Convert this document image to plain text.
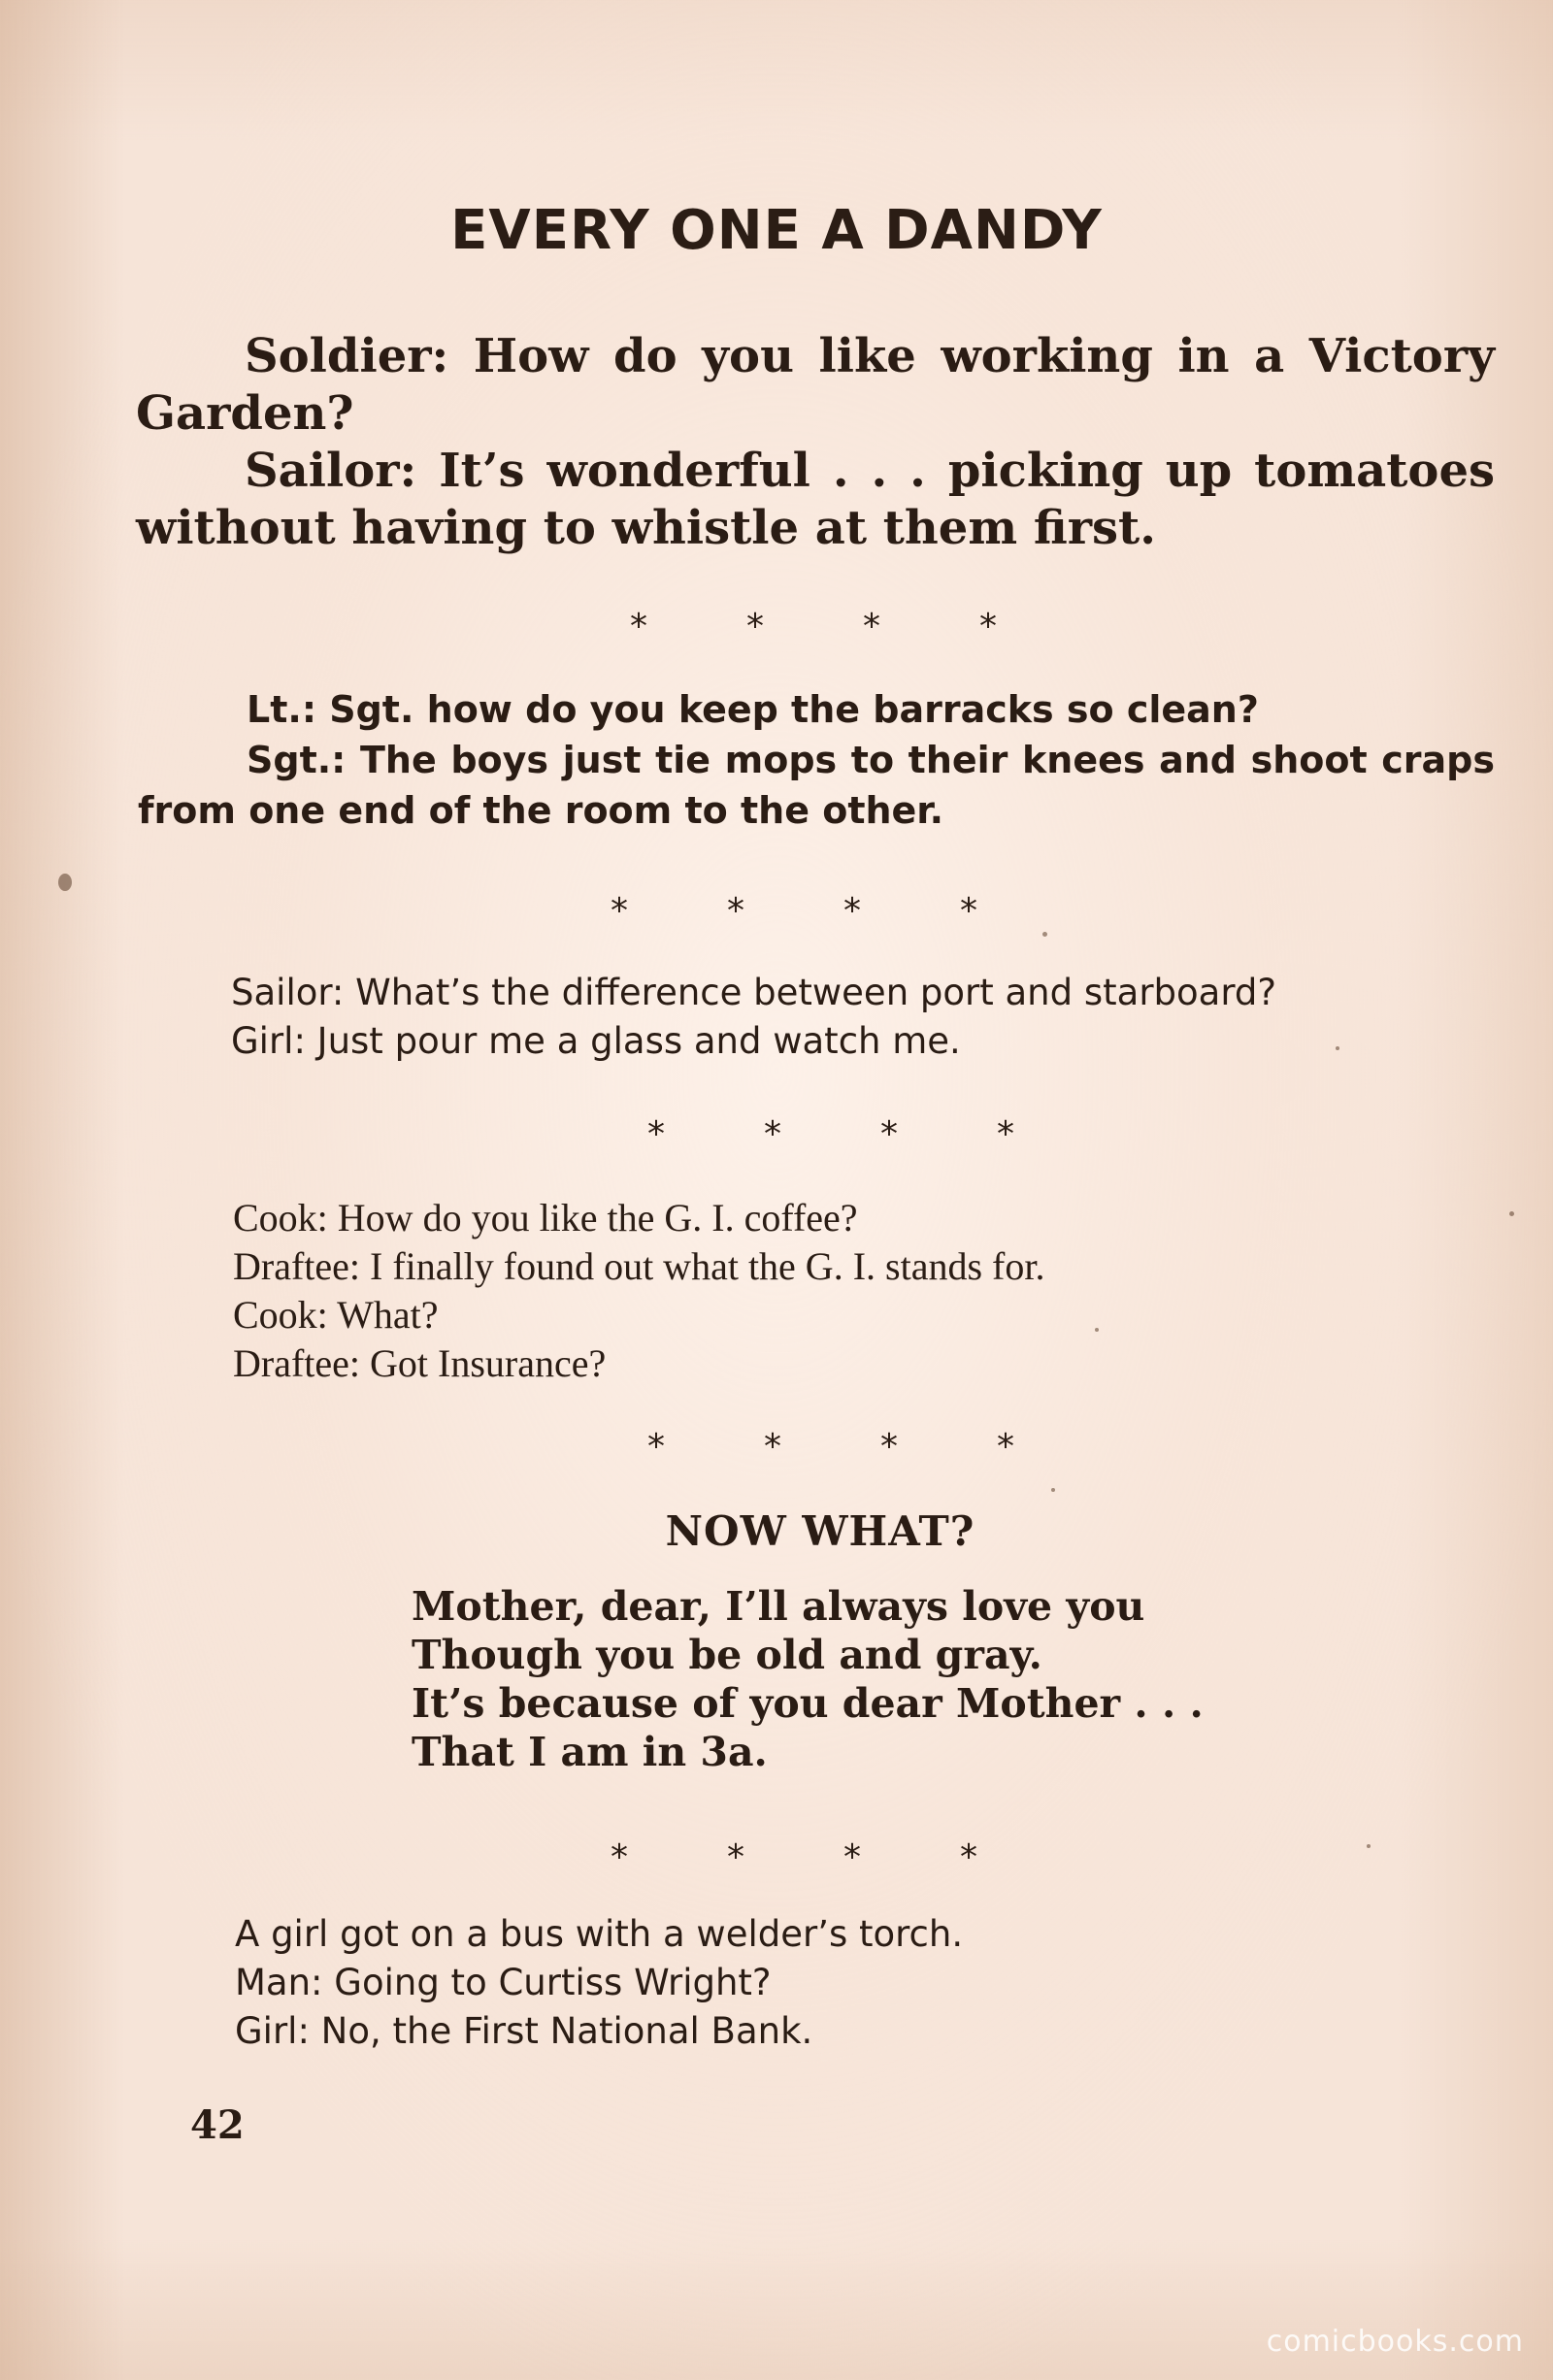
EVERY ONE A DANDY

Soldier: How do you like working in a Victory Garden?

Sailor: It’s wonderful . . . picking up tomatoes without having to whistle at them first.

*	*	*	*

Lt.: Sgt. how do you keep the barracks so clean?

Sgt.: The boys just tie mops to their knees and shoot craps from one end of the room to the other.

*	*	*	*

Sailor: What’s the difference between port and starboard?

Girl: Just pour me a glass and watch me.

*	*	*	*

Cook: How do you like the G. I. coffee?

Draftee: I finally found out what the G. I. stands for.

Cook: What?

Draftee: Got Insurance?

*	*	*	*
NOW WHAT?

Mother, dear, I’ll always love you

Though you be old and gray.

It’s because of you dear Mother . . .

That I am in 3a.

*	*	*	*

A girl got on a bus with a welder’s torch.

Man: Going to Curtiss Wright?

Girl: No, the First National Bank.

42
comicbooks.com
